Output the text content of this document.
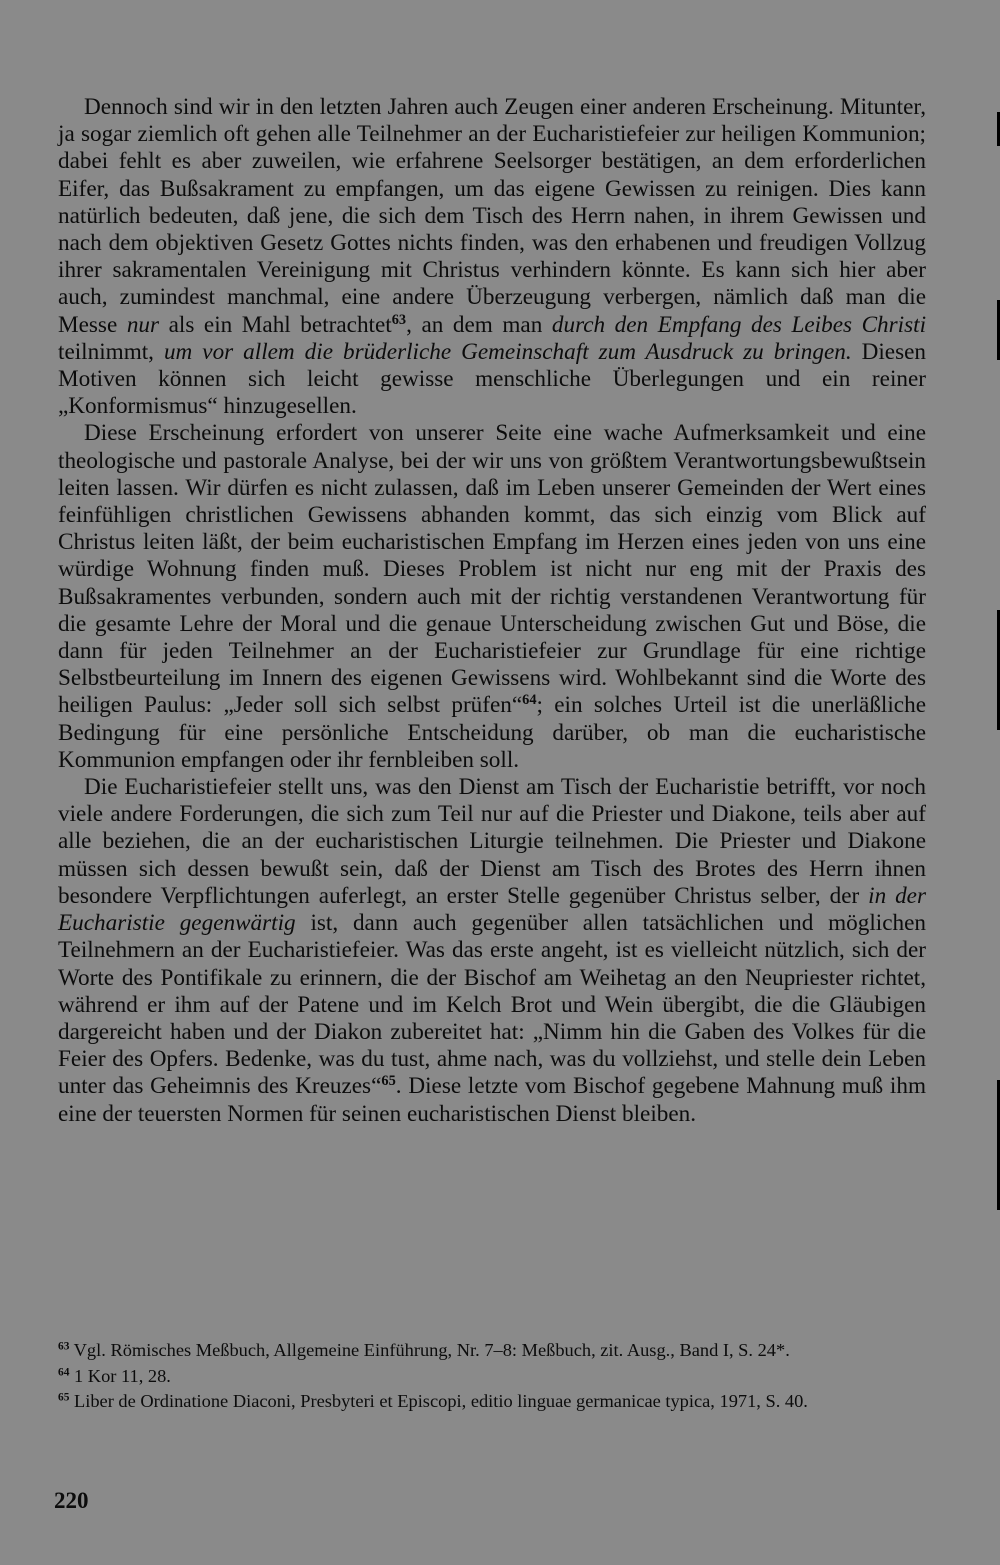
Dennoch sind wir in den letzten Jahren auch Zeugen einer anderen Erscheinung. Mitunter, ja sogar ziemlich oft gehen alle Teilnehmer an der Eucharistiefeier zur heiligen Kommunion; dabei fehlt es aber zuweilen, wie erfahrene Seelsorger bestätigen, an dem erforderlichen Eifer, das Bußsakrament zu empfangen, um das eigene Gewissen zu reinigen. Dies kann natürlich bedeuten, daß jene, die sich dem Tisch des Herrn nahen, in ihrem Gewissen und nach dem objektiven Gesetz Gottes nichts finden, was den erhabenen und freudigen Vollzug ihrer sakramentalen Vereinigung mit Christus verhindern könnte. Es kann sich hier aber auch, zumindest manchmal, eine andere Überzeugung verbergen, nämlich daß man die Messe nur als ein Mahl betrachtet$^{63}$, an dem man durch den Empfang des Leibes Christi teilnimmt, um vor allem die brüderliche Gemeinschaft zum Ausdruck zu bringen. Diesen Motiven können sich leicht gewisse menschliche Überlegungen und ein reiner „Konformismus“ hinzugesellen.

Diese Erscheinung erfordert von unserer Seite eine wache Aufmerksamkeit und eine theologische und pastorale Analyse, bei der wir uns von größtem Verantwortungsbewußtsein leiten lassen. Wir dürfen es nicht zulassen, daß im Leben unserer Gemeinden der Wert eines feinfühligen christlichen Gewissens abhanden kommt, das sich einzig vom Blick auf Christus leiten läßt, der beim eucharistischen Empfang im Herzen eines jeden von uns eine würdige Wohnung finden muß. Dieses Problem ist nicht nur eng mit der Praxis des Bußsakramentes verbunden, sondern auch mit der richtig verstandenen Verantwortung für die gesamte Lehre der Moral und die genaue Unterscheidung zwischen Gut und Böse, die dann für jeden Teilnehmer an der Eucharistiefeier zur Grundlage für eine richtige Selbstbeurteilung im Innern des eigenen Gewissens wird. Wohlbekannt sind die Worte des heiligen Paulus: „Jeder soll sich selbst prüfen“$^{64}$; ein solches Urteil ist die unerläßliche Bedingung für eine persönliche Entscheidung darüber, ob man die eucharistische Kommunion empfangen oder ihr fernbleiben soll.

Die Eucharistiefeier stellt uns, was den Dienst am Tisch der Eucharistie betrifft, vor noch viele andere Forderungen, die sich zum Teil nur auf die Priester und Diakone, teils aber auf alle beziehen, die an der eucharistischen Liturgie teilnehmen. Die Priester und Diakone müssen sich dessen bewußt sein, daß der Dienst am Tisch des Brotes des Herrn ihnen besondere Verpflichtungen auferlegt, an erster Stelle gegenüber Christus selber, der in der Eucharistie gegenwärtig ist, dann auch gegenüber allen tatsächlichen und möglichen Teilnehmern an der Eucharistiefeier. Was das erste angeht, ist es vielleicht nützlich, sich der Worte des Pontifikale zu erinnern, die der Bischof am Weihetag an den Neupriester richtet, während er ihm auf der Patene und im Kelch Brot und Wein übergibt, die die Gläubigen dargereicht haben und der Diakon zubereitet hat: „Nimm hin die Gaben des Volkes für die Feier des Opfers. Bedenke, was du tust, ahme nach, was du vollziehst, und stelle dein Leben unter das Geheimnis des Kreuzes“$^{65}$. Diese letzte vom Bischof gegebene Mahnung muß ihm eine der teuersten Normen für seinen eucharistischen Dienst bleiben.

$^{63}$ Vgl. Römisches Meßbuch, Allgemeine Einführung, Nr. 7–8: Meßbuch, zit. Ausg., Band I, S. 24*.

$^{64}$ 1 Kor 11, 28.

$^{65}$ Liber de Ordinatione Diaconi, Presbyteri et Episcopi, editio linguae germanicae typica, 1971, S. 40.

220
